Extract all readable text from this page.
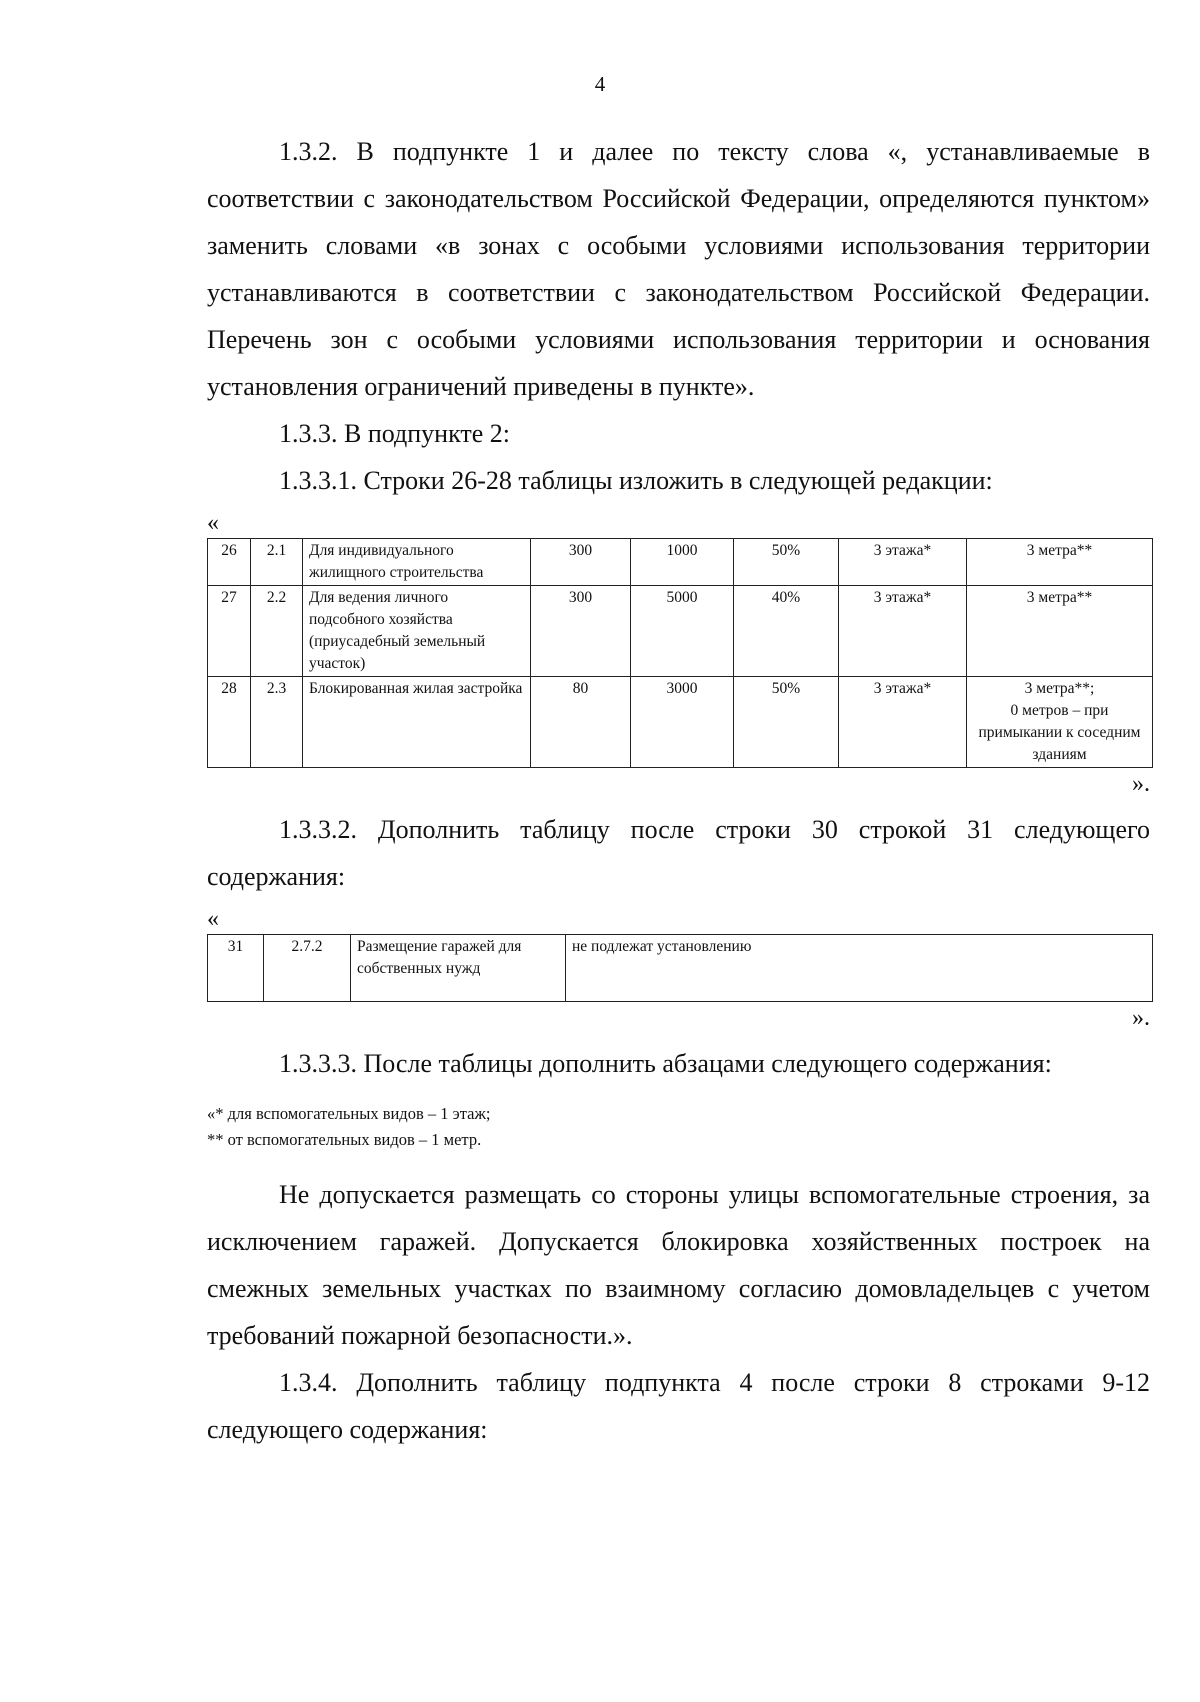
4

1.3.2. В подпункте 1 и далее по тексту слова «, устанавливаемые в соответствии с законодательством Российской Федерации, определяются пунктом» заменить словами «в зонах с особыми условиями использования территории устанавливаются в соответствии с законодательством Российской Федерации. Перечень зон с особыми условиями использования территории и основания установления ограничений приведены в пункте».

1.3.3. В подпункте 2:

1.3.3.1. Строки 26-28 таблицы изложить в следующей редакции:

«

26	2.1	Для индивидуального жилищного строительства	300	1000	50%	3 этажа*	3 метра**

27	2.2	Для ведения личного подсобного хозяйства (приусадебный земельный участок)	300	5000	40%	3 этажа*	3 метра**

28	2.3	Блокированная жилая застройка	80	3000	50%	3 этажа*	3 метра**;
0 метров – при примыкании к соседним зданиям

».

1.3.3.2. Дополнить таблицу после строки 30 строкой 31 следующего содержания:

«

31	2.7.2	Размещение гаражей для собственных нужд	не подлежат установлению

».

1.3.3.3. После таблицы дополнить абзацами следующего содержания:

«* для вспомогательных видов – 1 этаж;
** от вспомогательных видов – 1 метр.

Не допускается размещать со стороны улицы вспомогательные строения, за исключением гаражей. Допускается блокировка хозяйственных построек на смежных земельных участках по взаимному согласию домовладельцев с учетом требований пожарной безопасности.».

1.3.4. Дополнить таблицу подпункта 4 после строки 8 строками 9-12 следующего содержания:
